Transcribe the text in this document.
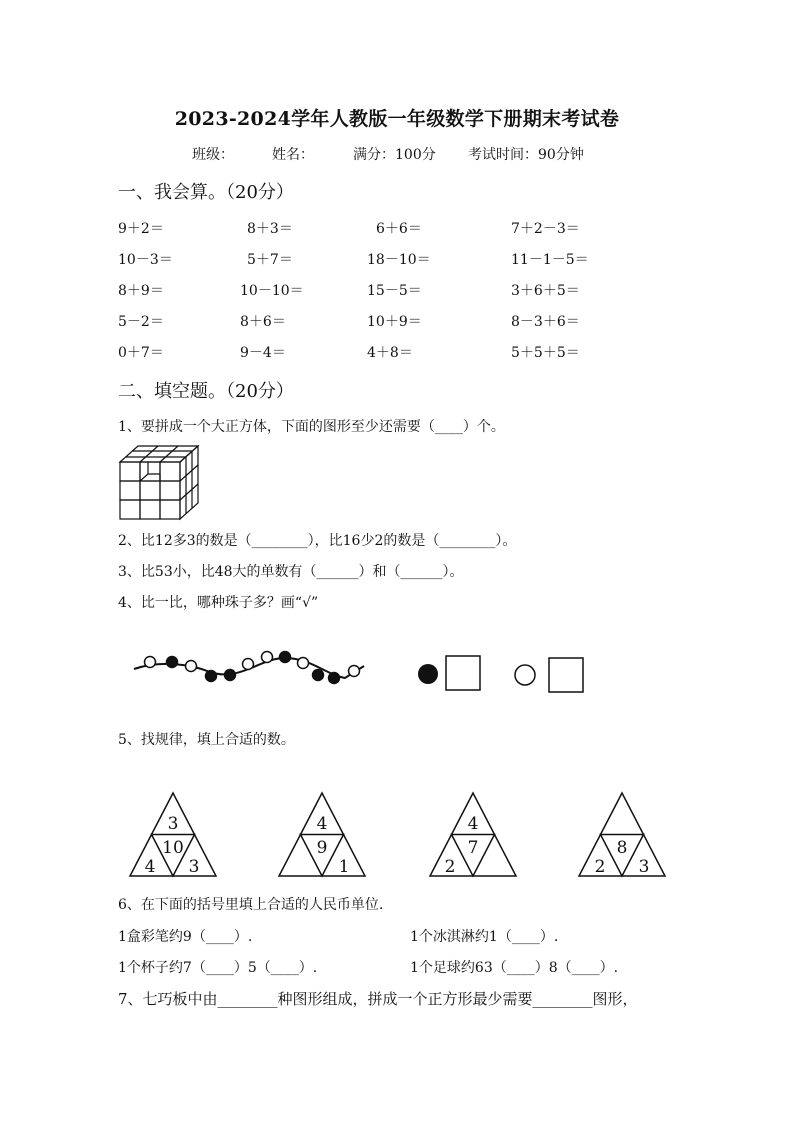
2023-2024学年人教版一年级数学下册期末考试卷
班级：	姓名：	满分：100分 考试时间：90分钟
一、我会算。（20分）
9＋2＝	8＋3＝	6＋6＝	7＋2－3＝
10－3＝	5＋7＝	18－10＝	11－1－5＝
8＋9＝	10－10＝	15－5＝	3＋6＋5＝
5－2＝	8＋6＝	10＋9＝	8－3＋6＝
0＋7＝	9－4＝	4＋8＝	5＋5＋5＝
二、填空题。（20分）
1、要拼成一个大正方体，下面的图形至少还需要（____）个。
2、比12多3的数是（________），比16少2的数是（________）。
3、比53小，比48大的单数有（______）和（______）。
4、比一比，哪种珠子多？画“√”
5、找规律，填上合适的数。
3
10
4 3
4
9
1
4
7
2
8
2 3
6、在下面的括号里填上合适的人民币单位.
1盒彩笔约9（____）.	1个冰淇淋约1（____）.
1个杯子约7（____）5（____）.	1个足球约63（____）8（____）.
7、七巧板中由________种图形组成，拼成一个正方形最少需要________图形，
